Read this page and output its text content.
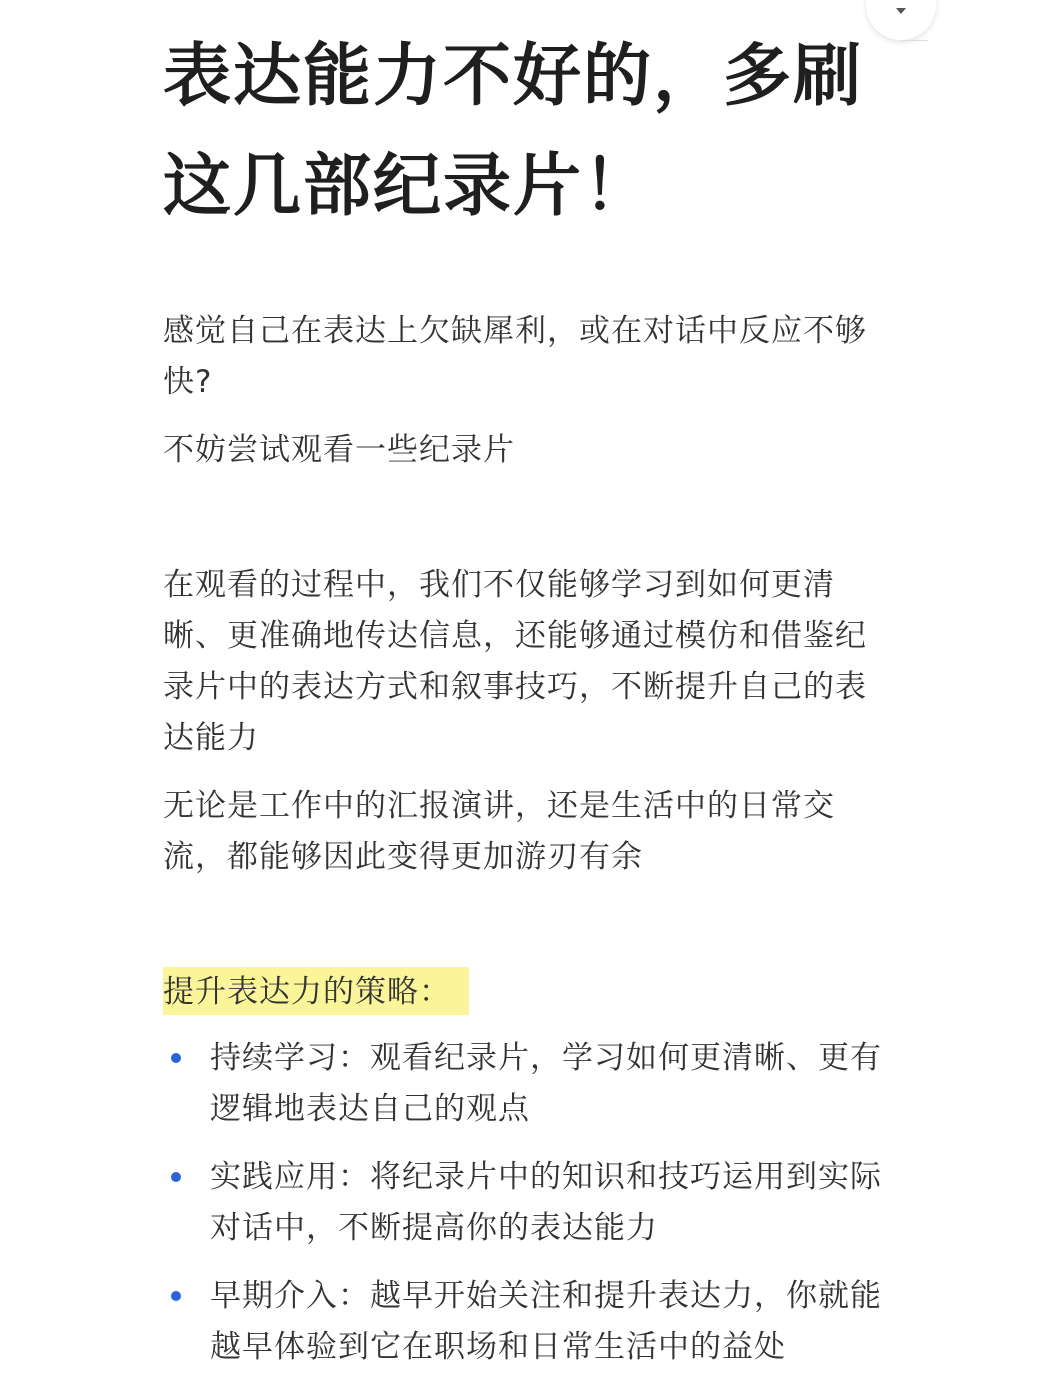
表达能力不好的，多刷这几部纪录片！

感觉自己在表达上欠缺犀利，或在对话中反应不够快?

不妨尝试观看一些纪录片

在观看的过程中，我们不仅能够学习到如何更清晰、更准确地传达信息，还能够通过模仿和借鉴纪录片中的表达方式和叙事技巧，不断提升自己的表达能力

无论是工作中的汇报演讲，还是生活中的日常交流，都能够因此变得更加游刃有余

提升表达力的策略：
持续学习：观看纪录片，学习如何更清晰、更有逻辑地表达自己的观点
实践应用：将纪录片中的知识和技巧运用到实际对话中，不断提高你的表达能力
早期介入：越早开始关注和提升表达力，你就能越早体验到它在职场和日常生活中的益处
